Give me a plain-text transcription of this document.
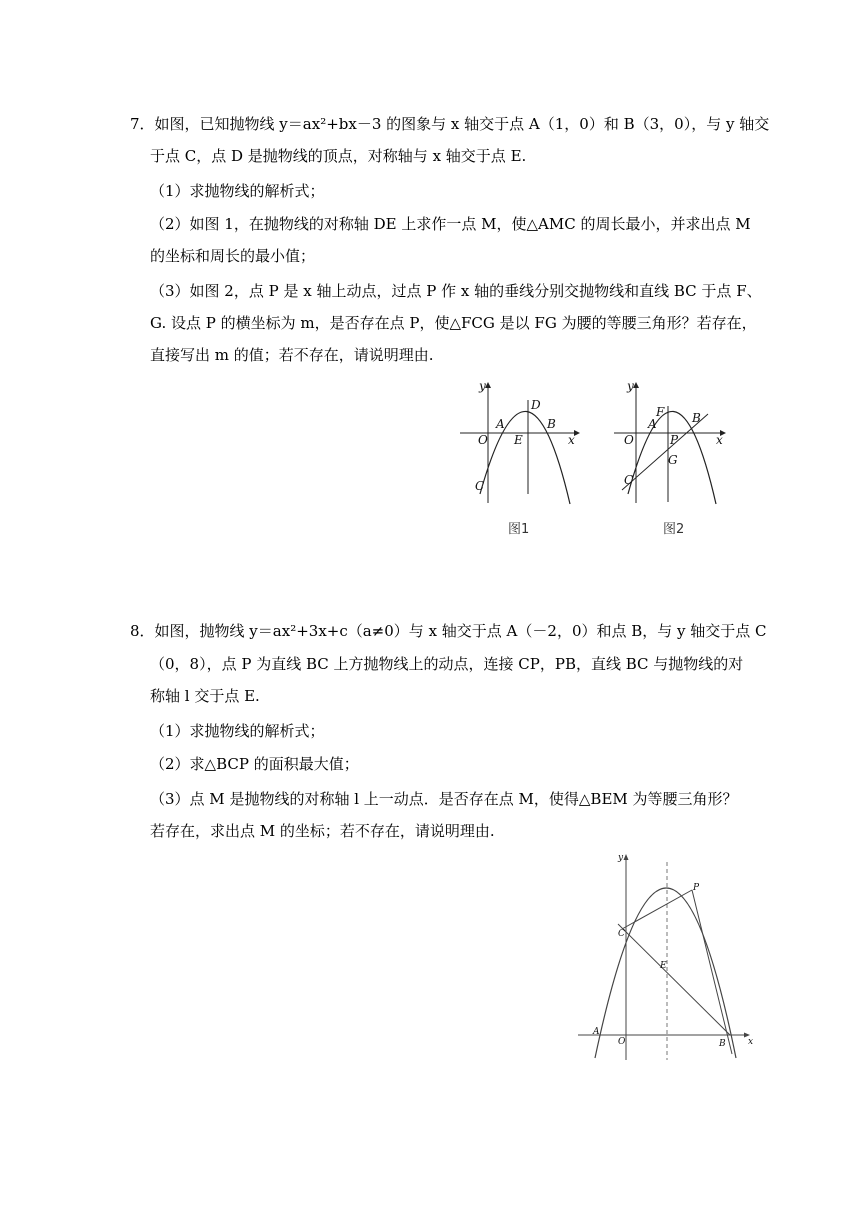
7．如图，已知抛物线 y＝ax²+bx－3 的图象与 x 轴交于点 A（1，0）和 B（3，0），与 y 轴交
于点 C，点 D 是抛物线的顶点，对称轴与 x 轴交于点 E.
（1）求抛物线的解析式；
（2）如图 1，在抛物线的对称轴 DE 上求作一点 M，使△AMC 的周长最小，并求出点 M
的坐标和周长的最小值；
（3）如图 2，点 P 是 x 轴上动点，过点 P 作 x 轴的垂线分别交抛物线和直线 BC 于点 F、
G. 设点 P 的横坐标为 m，是否存在点 P，使△FCG 是以 FG 为腰的等腰三角形？若存在，
直接写出 m 的值；若不存在，请说明理由.
y
x
O
A
E
B
D
C
图1
y
x
O
A
F
P
B
G
C
图2
8．如图，抛物线 y＝ax²+3x+c（a≠0）与 x 轴交于点 A（－2，0）和点 B，与 y 轴交于点 C
（0，8），点 P 为直线 BC 上方抛物线上的动点，连接 CP，PB，直线 BC 与抛物线的对
称轴 l 交于点 E.
（1）求抛物线的解析式；
（2）求△BCP 的面积最大值；
（3）点 M 是抛物线的对称轴 l 上一动点．是否存在点 M，使得△BEM 为等腰三角形？
若存在，求出点 M 的坐标；若不存在，请说明理由.
y
x
P
C
E
A
O	B
